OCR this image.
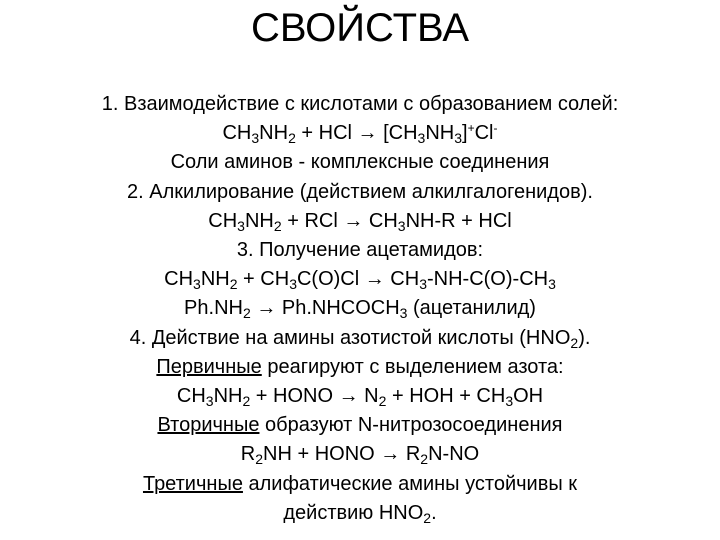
СВОЙСТВА
1. Взаимодействие с кислотами с образованием солей:
$CH_3NH_2$ + HCl → $[CH_3NH_3]^+Cl^-$
Соли аминов - комплексные соединения
2. Алкилирование (действием алкилгалогенидов).
$CH_3NH_2$ + RCl → $CH_3NH-R$ + HCl
3. Получение ацетамидов:
$CH_3NH_2 + CH_3C(O)Cl \to CH_3-NH-C(O)-CH_3$
$Ph.NH_2$ → $Ph.NHCOCH_3$ (ацетанилид)
4. Действие на амины азотистой кислоты $(HNO_2)$.
Первичные реагируют с выделением азота:
$CH_3NH_2$ + HONO → $N_2$ + HOH + $CH_3OH$
Вторичные образуют N-нитрозосоединения
$R_2NH$ + HONO → $R_2N-NO$
Третичные алифатические амины устойчивы к
действию $HNO_2$.
